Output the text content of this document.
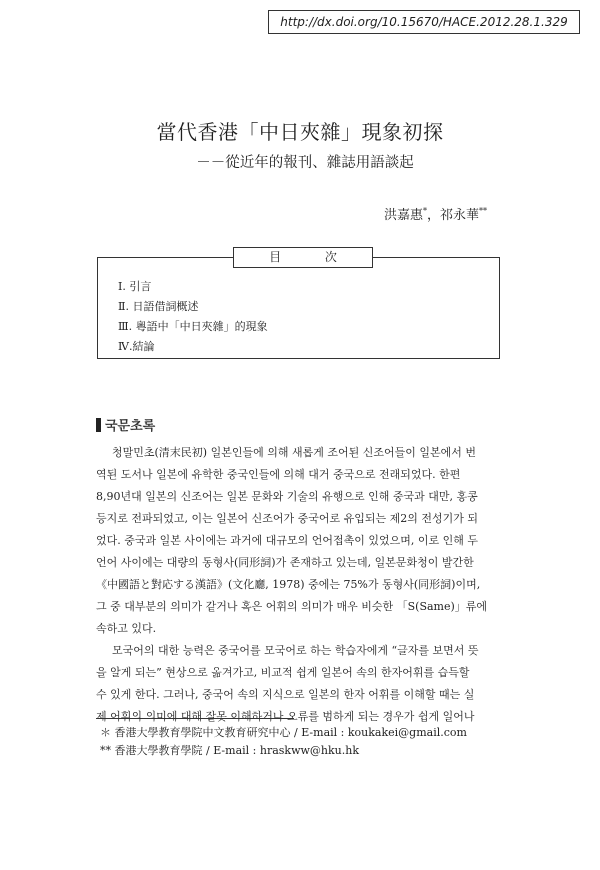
http://dx.doi.org/10.15670/HACE.2012.28.1.329
當代香港「中日夾雜」現象初探
－－從近年的報刊、雜誌用語談起
洪嘉惠*，祁永華**
目 次
Ⅰ. 引言
Ⅱ. 日語借詞概述
Ⅲ. 粵語中「中日夾雜」的現象
Ⅳ.結論
국문초록
청말민초(清末民初) 일본인들에 의해 새롭게 조어된 신조어들이 일본에서 번
역된 도서나 일본에 유학한 중국인들에 의해 대거 중국으로 전래되었다. 한편
8,90년대 일본의 신조어는 일본 문화와 기술의 유행으로 인해 중국과 대만, 홍콩
등지로 전파되었고, 이는 일본어 신조어가 중국어로 유입되는 제2의 전성기가 되
었다. 중국과 일본 사이에는 과거에 대규모의 언어접촉이 있었으며, 이로 인해 두
언어 사이에는 대량의 동형사(同形詞)가 존재하고 있는데, 일본문화청이 발간한
《中國語と對応する漢語》(文化廳, 1978) 중에는 75%가 동형사(同形詞)이며,
그 중 대부분의 의미가 같거나 혹은 어휘의 의미가 매우 비슷한 「S(Same)」류에
속하고 있다.
모국어의 대한 능력은 중국어를 모국어로 하는 학습자에게 “글자를 보면서 뜻
을 알게 되는” 현상으로 옮겨가고, 비교적 쉽게 일본어 속의 한자어휘를 습득할
수 있게 한다. 그러나, 중국어 속의 지식으로 일본의 한자 어휘를 이해할 때는 실
제 어휘의 의미에 대해 잘못 이해하거나 오류를 범하게 되는 경우가 쉽게 일어나
＊ 香港大學教育學院中文教育研究中心 / E-mail : koukakei@gmail.com
** 香港大學教育學院 / E-mail : hraskww@hku.hk
